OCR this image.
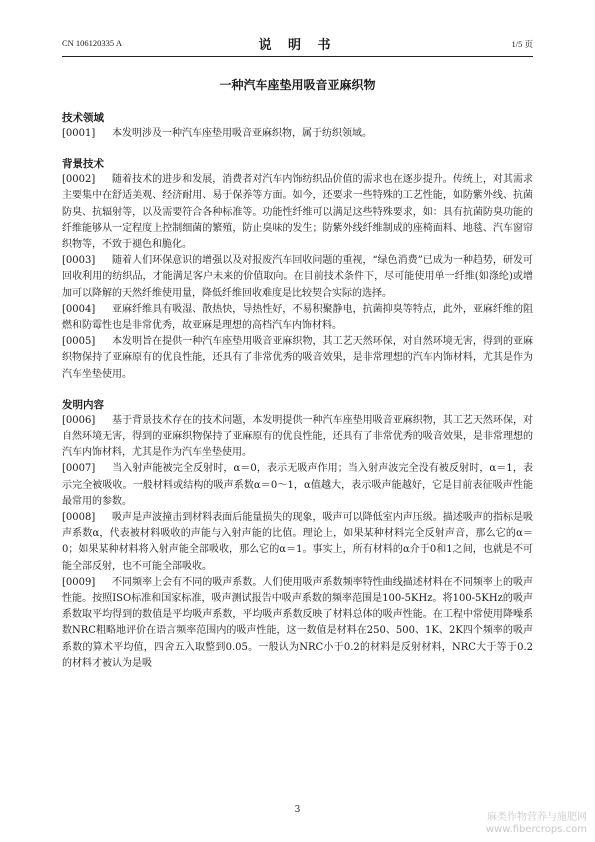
CN 106120335 A	说 明 书	1/5 页
一种汽车座垫用吸音亚麻织物
技术领域

[0001] 本发明涉及一种汽车座垫用吸音亚麻织物，属于纺织领域。

背景技术

[0002] 随着技术的进步和发展，消费者对汽车内饰纺织品价值的需求也在逐步提升。传统上，对其需求主要集中在舒适美观、经济耐用、易于保养等方面。如今，还要求一些特殊的工艺性能，如防紫外线、抗菌防臭、抗辐射等，以及需要符合各种标准等。功能性纤维可以满足这些特殊要求，如：具有抗菌防臭功能的纤维能够从一定程度上控制细菌的繁殖，防止臭味的发生；防紫外线纤维制成的座椅面料、地毯、汽车窗帘织物等，不致于褪色和脆化。

[0003] 随着人们环保意识的增强以及对报废汽车回收问题的重视，“绿色消费”已成为一种趋势，研发可回收利用的纺织品，才能满足客户未来的价值取向。在目前技术条件下，尽可能使用单一纤维(如涤纶)或增加可以降解的天然纤维使用量，降低纤维回收难度是比较契合实际的选择。

[0004] 亚麻纤维具有吸湿、散热快，导热性好，不易积聚静电，抗菌抑臭等特点，此外，亚麻纤维的阻燃和防霉性也是非常优秀，故亚麻是理想的高档汽车内饰材料。

[0005] 本发明旨在提供一种汽车座垫用吸音亚麻织物，其工艺天然环保，对自然环境无害，得到的亚麻织物保持了亚麻原有的优良性能，还具有了非常优秀的吸音效果，是非常理想的汽车内饰材料，尤其是作为汽车坐垫使用。

发明内容

[0006] 基于背景技术存在的技术问题，本发明提供一种汽车座垫用吸音亚麻织物，其工艺天然环保，对自然环境无害，得到的亚麻织物保持了亚麻原有的优良性能，还具有了非常优秀的吸音效果，是非常理想的汽车内饰材料，尤其是作为汽车坐垫使用。

[0007] 当入射声能被完全反射时，α＝0，表示无吸声作用；当入射声波完全没有被反射时，α＝1，表示完全被吸收。一般材料或结构的吸声系数α＝0～1，α值越大，表示吸声能越好，它是目前表征吸声性能最常用的参数。

[0008] 吸声是声波撞击到材料表面后能量损失的现象，吸声可以降低室内声压级。描述吸声的指标是吸声系数α，代表被材料吸收的声能与入射声能的比值。理论上，如果某种材料完全反射声音，那么它的α＝0；如果某种材料将入射声能全部吸收，那么它的α＝1。事实上，所有材料的α介于0和1之间，也就是不可能全部反射，也不可能全部吸收。

[0009] 不同频率上会有不同的吸声系数。人们使用吸声系数频率特性曲线描述材料在不同频率上的吸声性能。按照ISO标准和国家标准，吸声测试报告中吸声系数的频率范围是100-5KHz。将100-5KHz的吸声系数取平均得到的数值是平均吸声系数，平均吸声系数反映了材料总体的吸声性能。在工程中常使用降噪系数NRC粗略地评价在语言频率范围内的吸声性能，这一数值是材料在250、500、1K、2K四个频率的吸声系数的算术平均值，四舍五入取整到0.05。一般认为NRC小于0.2的材料是反射材料，NRC大于等于0.2的材料才被认为是吸

3
麻类作物营养与施肥网
www.fibercrops.com
